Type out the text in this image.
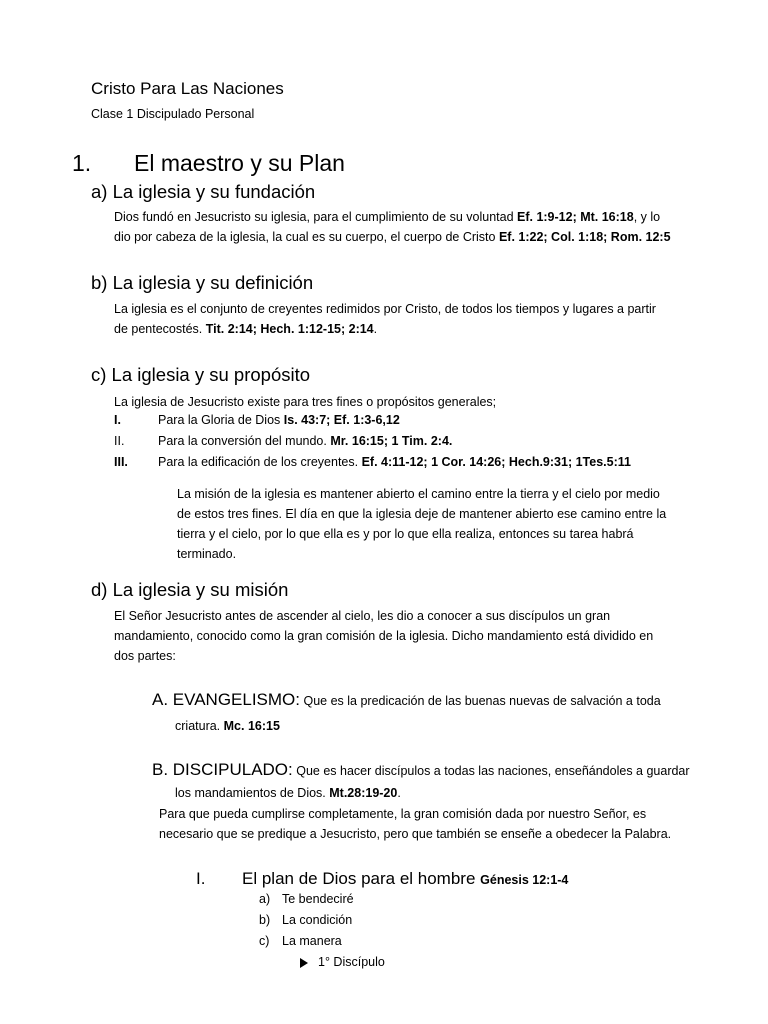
Cristo Para Las Naciones
Clase 1 Discipulado Personal
1. El maestro y su Plan
a) La iglesia y su fundación
Dios fundó en Jesucristo su iglesia, para el cumplimiento de su voluntad Ef. 1:9-12; Mt. 16:18, y lo
dio por cabeza de la iglesia, la cual es su cuerpo, el cuerpo de Cristo Ef. 1:22; Col. 1:18; Rom. 12:5
b) La iglesia y su definición
La iglesia es el conjunto de creyentes redimidos por Cristo, de todos los tiempos y lugares a partir
de pentecostés. Tit. 2:14; Hech. 1:12-15; 2:14.
c) La iglesia y su propósito
La iglesia de Jesucristo existe para tres fines o propósitos generales;
I.	Para la Gloria de Dios Is. 43:7; Ef. 1:3-6,12
II.	Para la conversión del mundo. Mr. 16:15; 1 Tim. 2:4.
III. Para la edificación de los creyentes. Ef. 4:11-12; 1 Cor. 14:26; Hech.9:31; 1Tes.5:11
La misión de la iglesia es mantener abierto el camino entre la tierra y el cielo por medio
de estos tres fines. El día en que la iglesia deje de mantener abierto ese camino entre la
tierra y el cielo, por lo que ella es y por lo que ella realiza, entonces su tarea habrá
terminado.
d) La iglesia y su misión
El Señor Jesucristo antes de ascender al cielo, les dio a conocer a sus discípulos un gran
mandamiento, conocido como la gran comisión de la iglesia. Dicho mandamiento está dividido en
dos partes:
A. EVANGELISMO: Que es la predicación de las buenas nuevas de salvación a toda
criatura. Mc. 16:15
B. DISCIPULADO: Que es hacer discípulos a todas las naciones, enseñándoles a guardar
los mandamientos de Dios. Mt.28:19-20.
Para que pueda cumplirse completamente, la gran comisión dada por nuestro Señor, es
necesario que se predique a Jesucristo, pero que también se enseñe a obedecer la Palabra.
I. El plan de Dios para el hombre Génesis 12:1-4
a) Te bendeciré
b) La condición
c) La manera
1° Discípulo
